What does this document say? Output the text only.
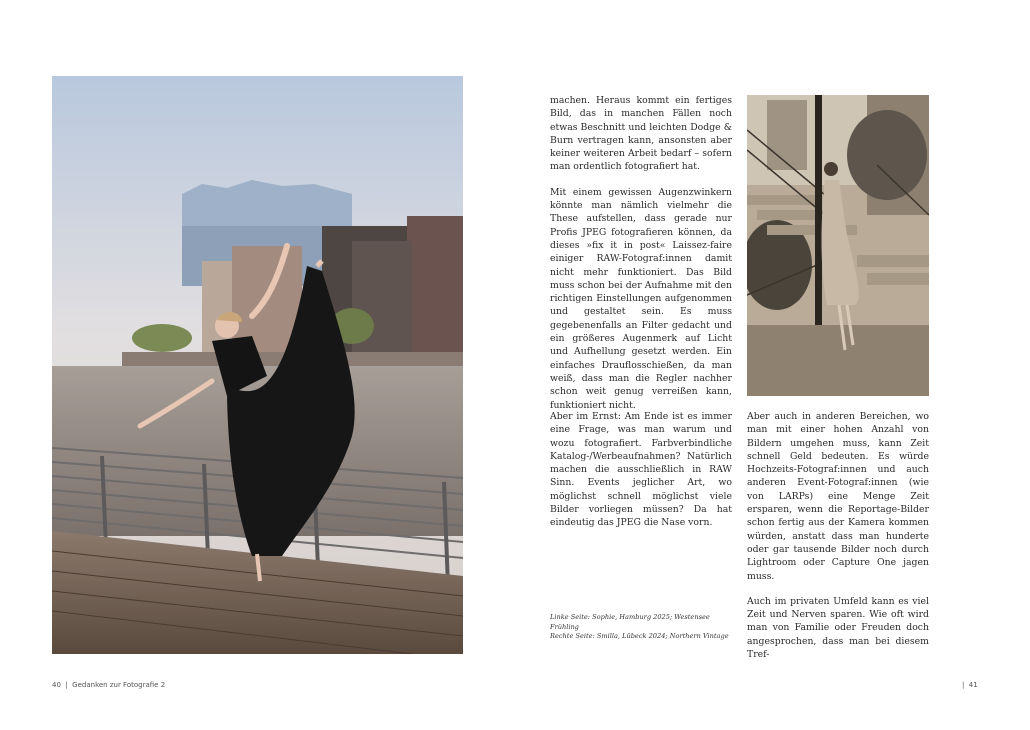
machen. Heraus kommt ein fertiges Bild, das in manchen Fällen noch etwas Beschnitt und leichten Dodge & Burn vertragen kann, ansonsten aber keiner weiteren Arbeit bedarf – sofern man ordentlich fotografiert hat.

Mit einem gewissen Augenzwinkern könnte man nämlich vielmehr die These aufstellen, dass gerade nur Profis JPEG fotografieren können, da dieses »fix it in post« Laissez-faire einiger RAW-Fotograf:innen damit nicht mehr funktioniert. Das Bild muss schon bei der Aufnahme mit den richtigen Einstellungen aufgenommen und gestaltet sein. Es muss gegebenenfalls an Filter gedacht und ein größeres Augenmerk auf Licht und Aufhellung gesetzt werden. Ein einfaches Drauflosschießen, da man weiß, dass man die Regler nachher schon weit genug verreißen kann, funktioniert nicht.

Aber im Ernst: Am Ende ist es immer eine Frage, was man warum und wozu fotografiert. Farbverbindliche Katalog-/Werbeaufnahmen? Natürlich machen die ausschließlich in RAW Sinn. Events jeglicher Art, wo möglichst schnell möglichst viele Bilder vorliegen müssen? Da hat eindeutig das JPEG die Nase vorn.

Aber auch in anderen Bereichen, wo man mit einer hohen Anzahl von Bildern umgehen muss, kann Zeit schnell Geld bedeuten. Es würde Hochzeits-Fotograf:innen und auch anderen Event-Fotograf:innen (wie von LARPs) eine Menge Zeit ersparen, wenn die Reportage-Bilder schon fertig aus der Kamera kommen würden, anstatt dass man hunderte oder gar tausende Bilder noch durch Lightroom oder Capture One jagen muss.

Auch im privaten Umfeld kann es viel Zeit und Nerven sparen. Wie oft wird man von Familie oder Freuden doch angesprochen, dass man bei diesem Tref-

Linke Seite: Sophie, Hamburg 2025; Westensee Frühling
Rechte Seite: Smilla, Lübeck 2024; Northern Vintage
40  |  Gedanken zur Fotografie 2	|  41
